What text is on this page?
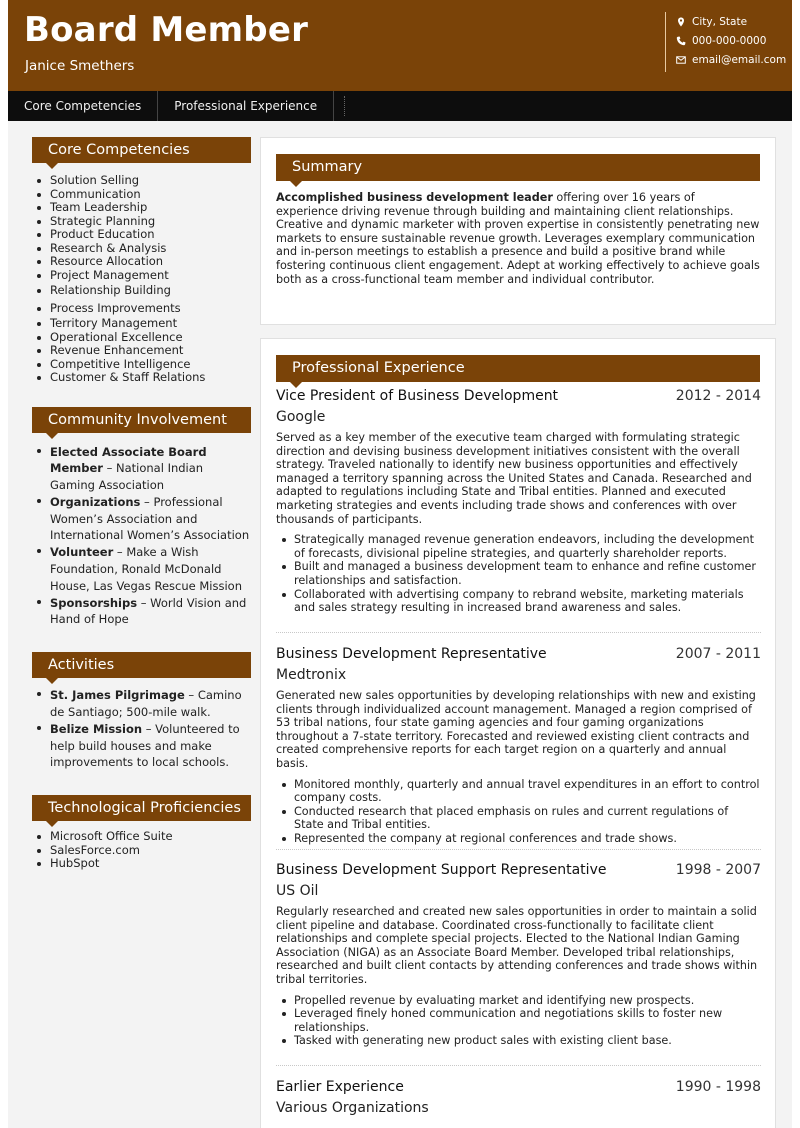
Board Member
Janice Smethers
City, State
000-000-0000
email@email.com
Core Competencies	Professional Experience
Core Competencies
Solution Selling
Communication
Team Leadership
Strategic Planning
Product Education
Research & Analysis
Resource Allocation
Project Management
Relationship Building
Process Improvements
Territory Management
Operational Excellence
Revenue Enhancement
Competitive Intelligence
Customer & Staff Relations
Community Involvement
Elected Associate Board Member – National Indian Gaming Association
Organizations – Professional Women’s Association and International Women’s Association
Volunteer – Make a Wish Foundation, Ronald McDonald House, Las Vegas Rescue Mission
Sponsorships – World Vision and Hand of Hope
Activities
St. James Pilgrimage – Camino de Santiago; 500-mile walk.
Belize Mission – Volunteered to help build houses and make improvements to local schools.
Technological Proficiencies
Microsoft Office Suite
SalesForce.com
HubSpot
Summary

Accomplished business development leader offering over 16 years of experience driving revenue through building and maintaining client relationships. Creative and dynamic marketer with proven expertise in consistently penetrating new markets to ensure sustainable revenue growth. Leverages exemplary communication and in-person meetings to establish a presence and build a positive brand while fostering continuous client engagement. Adept at working effectively to achieve goals both as a cross-functional team member and individual contributor.

Professional Experience
Vice President of Business Development	2012 - 2014
Google

Served as a key member of the executive team charged with formulating strategic direction and devising business development initiatives consistent with the overall strategy. Traveled nationally to identify new business opportunities and effectively managed a territory spanning across the United States and Canada. Researched and adapted to regulations including State and Tribal entities. Planned and executed marketing strategies and events including trade shows and conferences with over thousands of participants.

Strategically managed revenue generation endeavors, including the development of forecasts, divisional pipeline strategies, and quarterly shareholder reports.
Built and managed a business development team to enhance and refine customer relationships and satisfaction.
Collaborated with advertising company to rebrand website, marketing materials and sales strategy resulting in increased brand awareness and sales.
Business Development Representative	2007 - 2011
Medtronix

Generated new sales opportunities by developing relationships with new and existing clients through individualized account management. Managed a region comprised of 53 tribal nations, four state gaming agencies and four gaming organizations throughout a 7-state territory. Forecasted and reviewed existing client contracts and created comprehensive reports for each target region on a quarterly and annual basis.

Monitored monthly, quarterly and annual travel expenditures in an effort to control company costs.
Conducted research that placed emphasis on rules and current regulations of State and Tribal entities.
Represented the company at regional conferences and trade shows.
Business Development Support Representative	1998 - 2007
US Oil

Regularly researched and created new sales opportunities in order to maintain a solid client pipeline and database. Coordinated cross-functionally to facilitate client relationships and complete special projects. Elected to the National Indian Gaming Association (NIGA) as an Associate Board Member. Developed tribal relationships, researched and built client contacts by attending conferences and trade shows within tribal territories.

Propelled revenue by evaluating market and identifying new prospects.
Leveraged finely honed communication and negotiations skills to foster new relationships.
Tasked with generating new product sales with existing client base.
Earlier Experience	1990 - 1998
Various Organizations
